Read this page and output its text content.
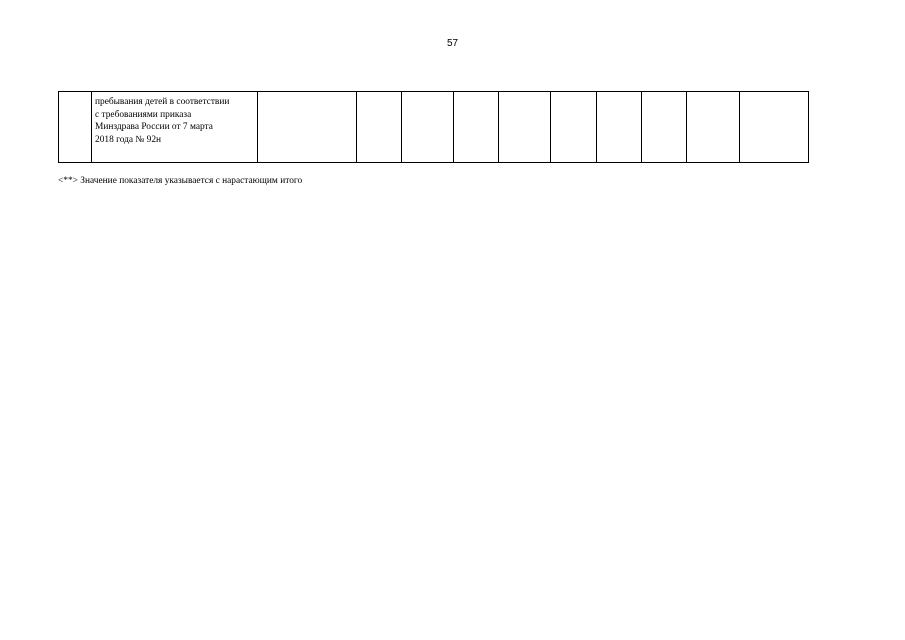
57

пребывания детей в соответствии
с требованиями приказа
Минздрава России от 7 марта
2018 года № 92н

<**> Значение показателя указывается с нарастающим итого
